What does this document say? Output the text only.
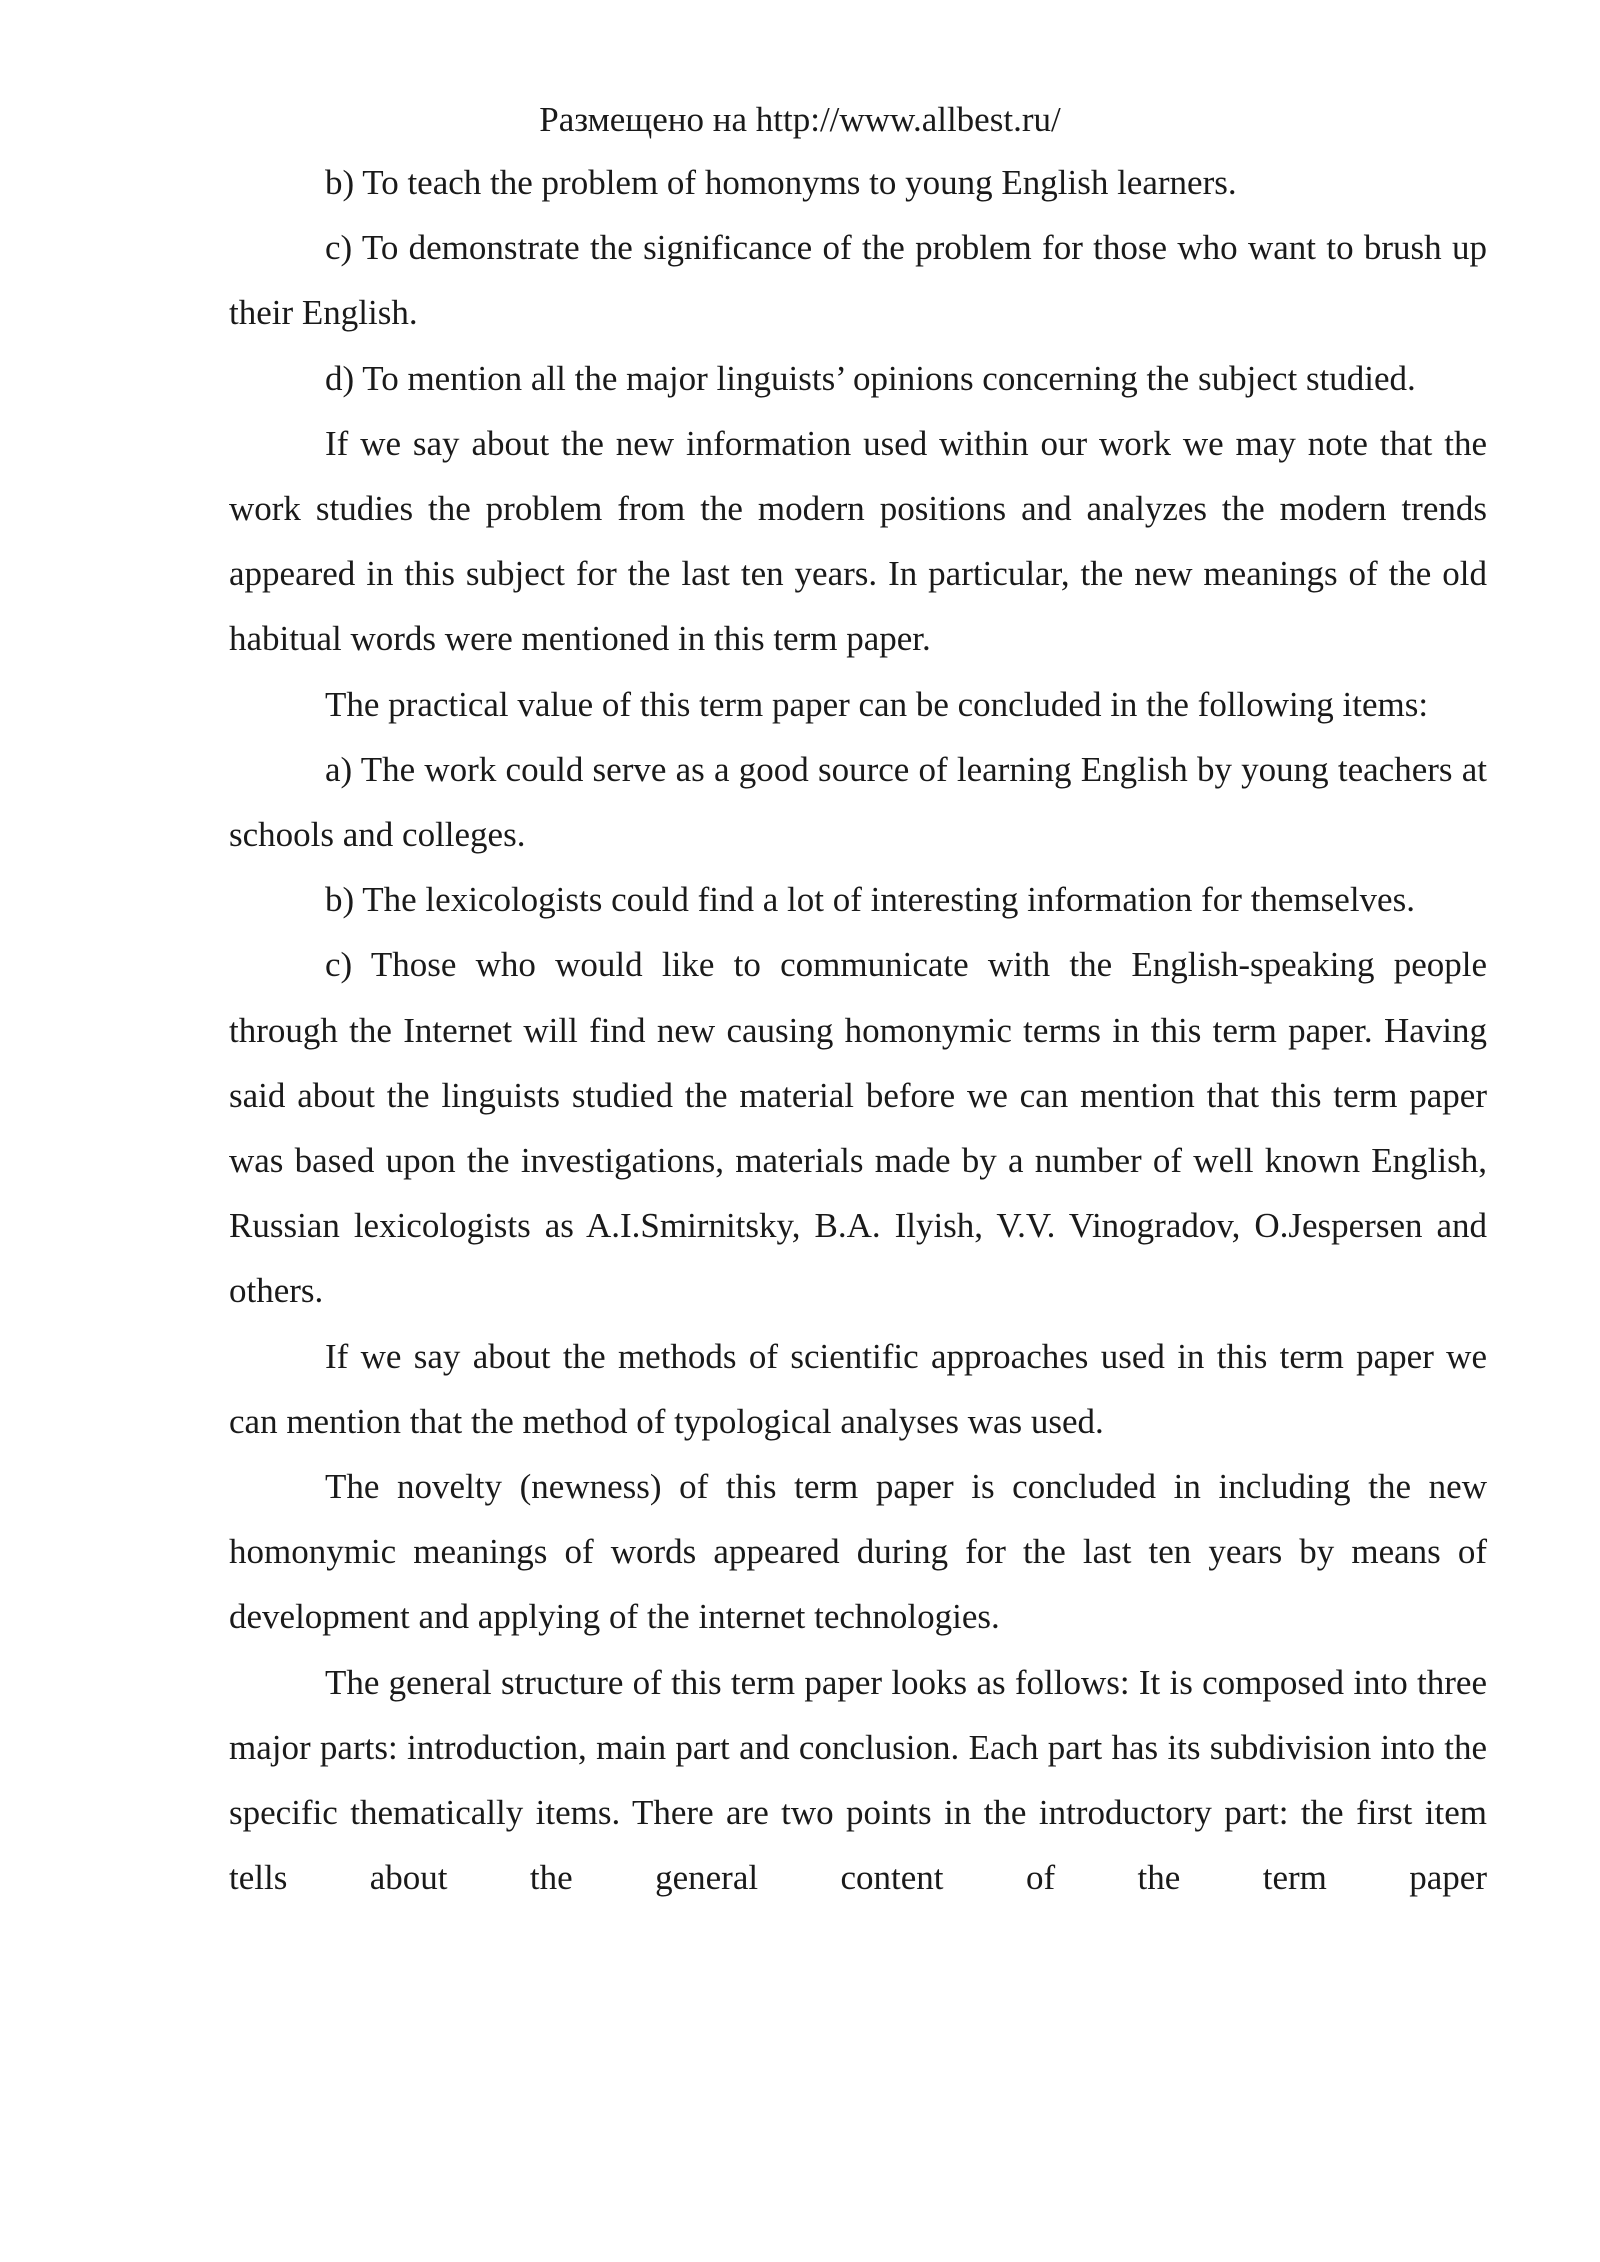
Размещено на http://www.allbest.ru/

b) To teach the problem of homonyms to young English learners.

c) To demonstrate the significance of the problem for those who want to brush up their English.

d) To mention all the major linguists’ opinions concerning the subject studied.

If we say about the new information used within our work we may note that the work studies the problem from the modern positions and analyzes the modern trends appeared in this subject for the last ten years. In particular, the new meanings of the old habitual words were mentioned in this term paper.

The practical value of this term paper can be concluded in the following items:

a) The work could serve as a good source of learning English by young teachers at schools and colleges.

b) The lexicologists could find a lot of interesting information for themselves.

c) Those who would like to communicate with the English-speaking people through the Internet will find new causing homonymic terms in this term paper. Having said about the linguists studied the material before we can mention that this term paper was based upon the investigations, materials made by a number of well known English, Russian lexicologists as A.I.Smirnitsky, B.A. Ilyish, V.V. Vinogradov, O.Jespersen and others.

If we say about the methods of scientific approaches used in this term paper we can mention that the method of typological analyses was used.

The novelty (newness) of this term paper is concluded in including the new homonymic meanings of words appeared during for the last ten years by means of development and applying of the internet technologies.

The general structure of this term paper looks as follows: It is composed into three major parts: introduction, main part and conclusion. Each part has its subdivision into the specific thematically items. There are two points in the introductory part: the first item tells about the general content of the term paper
